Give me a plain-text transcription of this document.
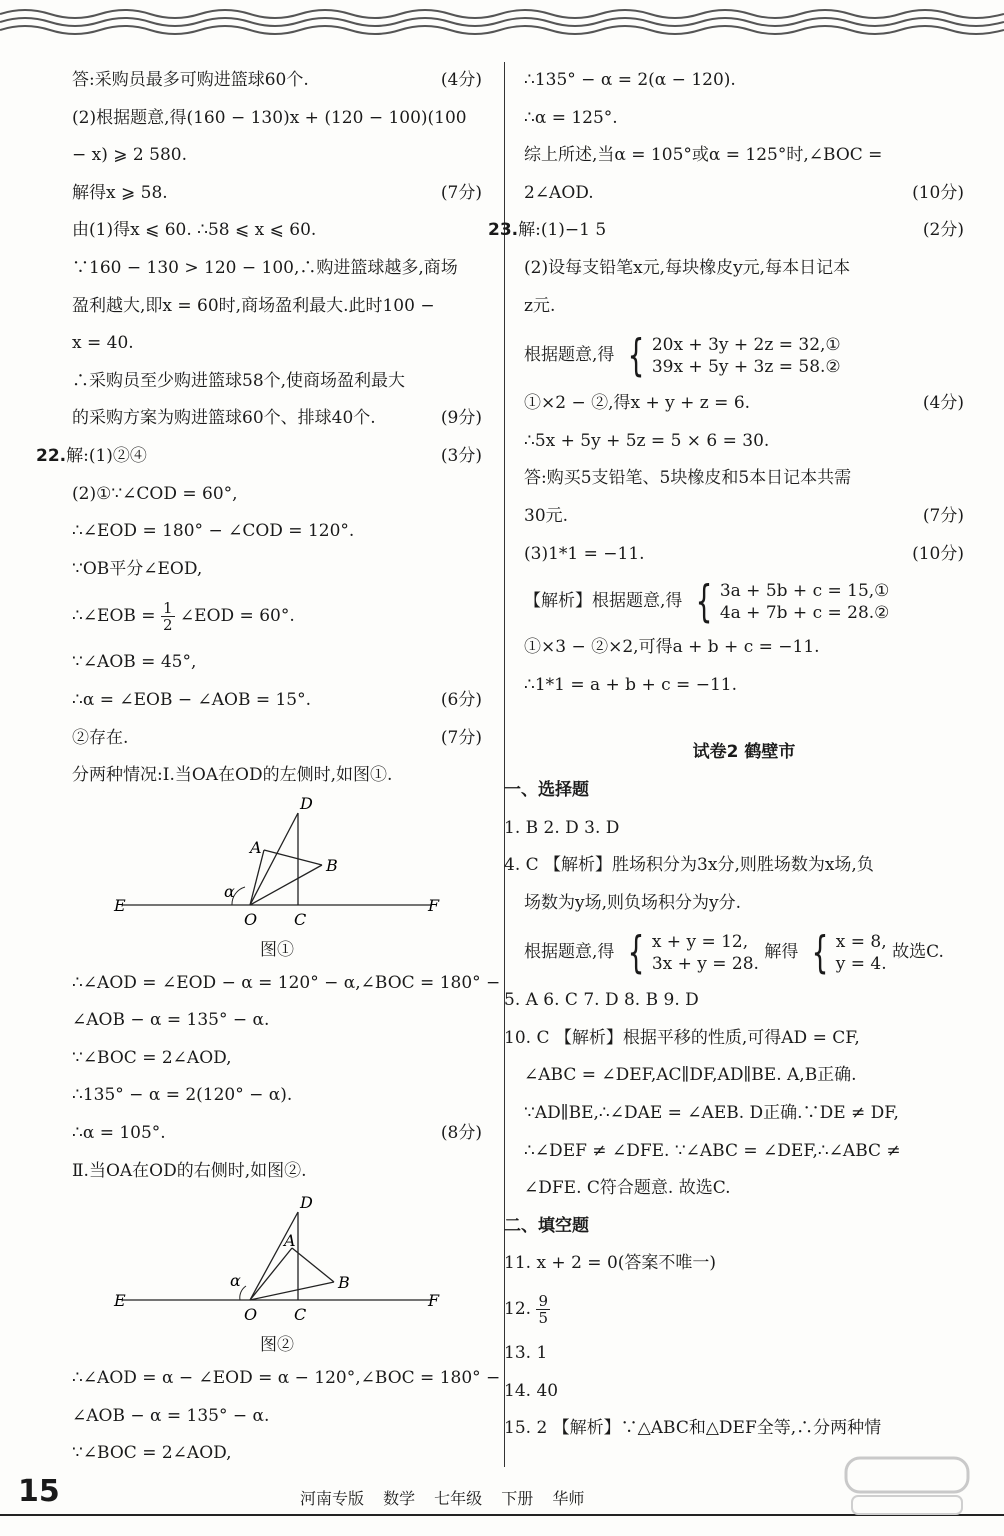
答:采购员最多可购进篮球60个.	(4分)
(2)根据题意,得(160 − 130)x + (120 − 100)(100
− x) ⩾ 2 580.
解得x ⩾ 58.	(7分)
由(1)得x ⩽ 60. ∴58 ⩽ x ⩽ 60.
∵160 − 130 > 120 − 100,∴购进篮球越多,商场
盈利越大,即x = 60时,商场盈利最大.此时100 −
x = 40.
∴采购员至少购进篮球58个,使商场盈利最大
的采购方案为购进篮球60个、排球40个.	(9分)
22.解:(1)②④	(3分)
(2)①∵∠COD = 60°,
∴∠EOD = 180° − ∠COD = 120°.
∵OB平分∠EOD,
∴∠EOB = $\frac{1}{2}$ ∠EOD = 60°.
∵∠AOB = 45°,
∴α = ∠EOB − ∠AOB = 15°.	(6分)
②存在.	(7分)
分两种情况:Ⅰ.当OA在OD的左侧时,如图①.
D
A
B
α
E
O C
F
图①
∴∠AOD = ∠EOD − α = 120° − α,∠BOC = 180° −
∠AOB − α = 135° − α.
∵∠BOC = 2∠AOD,
∴135° − α = 2(120° − α).
∴α = 105°.	(8分)
Ⅱ.当OA在OD的右侧时,如图②.
D
A
B
α
E
O C
F
图②
∴∠AOD = α − ∠EOD = α − 120°,∠BOC = 180° −
∠AOB − α = 135° − α.
∵∠BOC = 2∠AOD,
∴135° − α = 2(α − 120).
∴α = 125°.
综上所述,当α = 105°或α = 125°时,∠BOC =
2∠AOD.	(10分)
23.解:(1)−1 5	(2分)
(2)设每支铅笔x元,每块橡皮y元,每本日记本
z元.
根据题意,得 { 20x + 3y + 2z = 32,①
39x + 5y + 3z = 58.②
①×2 − ②,得x + y + z = 6.	(4分)
∴5x + 5y + 5z = 5 × 6 = 30.
答:购买5支铅笔、5块橡皮和5本日记本共需
30元.	(7分)
(3)1*1 = −11.	(10分)
【解析】根据题意,得 { 3a + 5b + c = 15,①
4a + 7b + c = 28.②
①×3 − ②×2,可得a + b + c = −11.
∴1*1 = a + b + c = −11.
试卷2 鹤壁市
一、选择题
1. B 2. D 3. D
4. C 【解析】胜场积分为3x分,则胜场数为x场,负
场数为y场,则负场积分为y分.
根据题意,得 { x + y = 12,
3x + y = 28.
解得 { x = 8,
y = 4.
故选C.
5. A 6. C 7. D 8. B 9. D
10. C 【解析】根据平移的性质,可得AD = CF,
∠ABC = ∠DEF,AC∥DF,AD∥BE. A,B正确.
∵AD∥BE,∴∠DAE = ∠AEB. D正确.∵DE ≠ DF,
∴∠DEF ≠ ∠DFE. ∵∠ABC = ∠DEF,∴∠ABC ≠
∠DFE. C符合题意. 故选C.
二、填空题
11. x + 2 = 0(答案不唯一)
12. $\frac{9}{5}$
13. 1
14. 40
15. 2 【解析】∵△ABC和△DEF全等,∴分两种情
15	河南专版 数学 七年级 下册 华师
